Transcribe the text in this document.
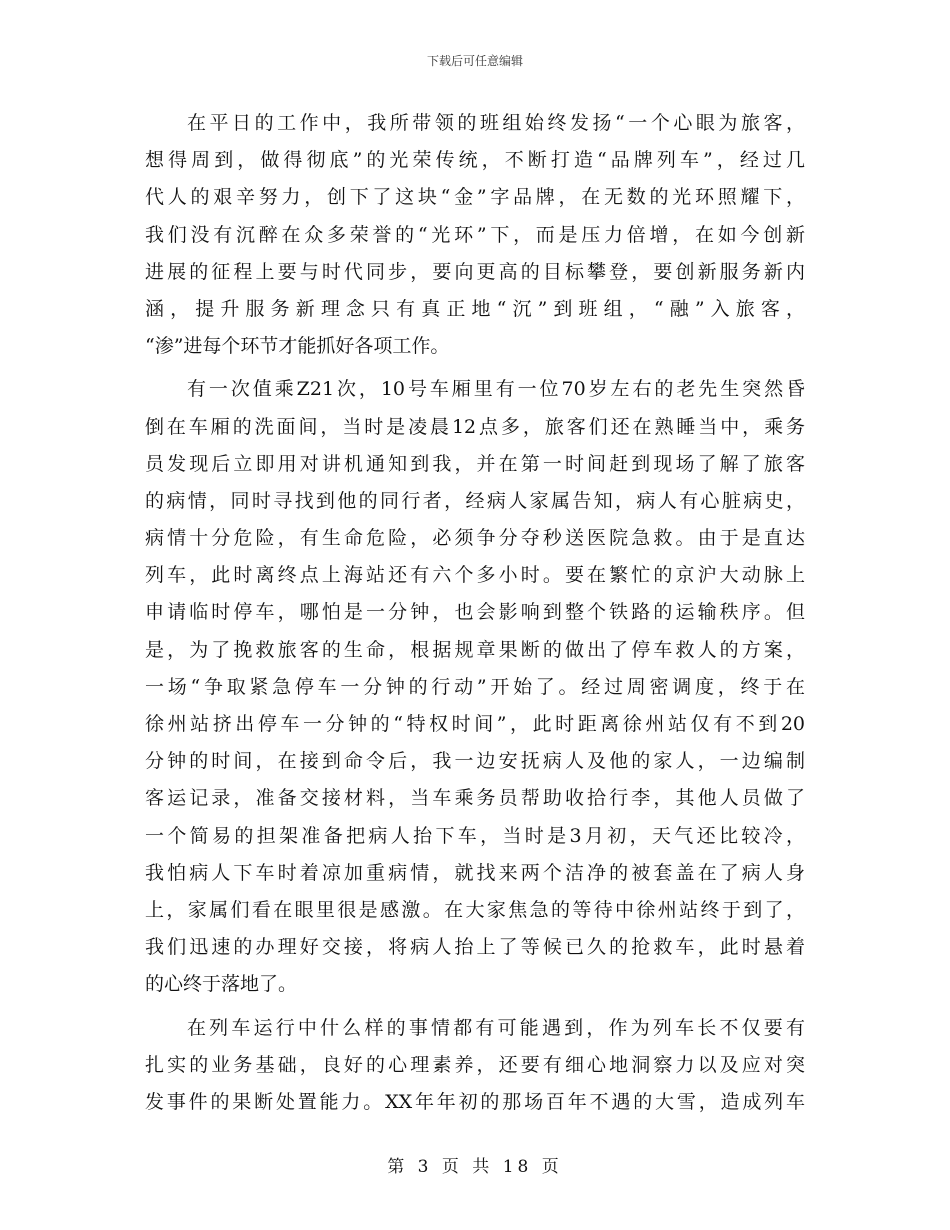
下载后可任意编辑
在平日的工作中，我所带领的班组始终发扬“一个心眼为旅客，
想得周到，做得彻底”的光荣传统，不断打造“品牌列车”，经过几
代人的艰辛努力，创下了这块“金”字品牌，在无数的光环照耀下，
我们没有沉醉在众多荣誉的“光环”下，而是压力倍增，在如今创新
进展的征程上要与时代同步，要向更高的目标攀登，要创新服务新内
涵，提升服务新理念只有真正地“沉”到班组，“融”入旅客，
“渗”进每个环节才能抓好各项工作。
有一次值乘Z21次，10号车厢里有一位70岁左右的老先生突然昏
倒在车厢的洗面间，当时是凌晨12点多，旅客们还在熟睡当中，乘务
员发现后立即用对讲机通知到我，并在第一时间赶到现场了解了旅客
的病情，同时寻找到他的同行者，经病人家属告知，病人有心脏病史，
病情十分危险，有生命危险，必须争分夺秒送医院急救。由于是直达
列车，此时离终点上海站还有六个多小时。要在繁忙的京沪大动脉上
申请临时停车，哪怕是一分钟，也会影响到整个铁路的运输秩序。但
是，为了挽救旅客的生命，根据规章果断的做出了停车救人的方案，
一场“争取紧急停车一分钟的行动”开始了。经过周密调度，终于在
徐州站挤出停车一分钟的“特权时间”，此时距离徐州站仅有不到20
分钟的时间，在接到命令后，我一边安抚病人及他的家人，一边编制
客运记录，准备交接材料，当车乘务员帮助收拾行李，其他人员做了
一个简易的担架准备把病人抬下车，当时是3月初，天气还比较冷，
我怕病人下车时着凉加重病情，就找来两个洁净的被套盖在了病人身
上，家属们看在眼里很是感激。在大家焦急的等待中徐州站终于到了，
我们迅速的办理好交接，将病人抬上了等候已久的抢救车，此时悬着
的心终于落地了。
在列车运行中什么样的事情都有可能遇到，作为列车长不仅要有
扎实的业务基础，良好的心理素养，还要有细心地洞察力以及应对突
发事件的果断处置能力。XX年年初的那场百年不遇的大雪，造成列车
第 3 页 共 18 页
